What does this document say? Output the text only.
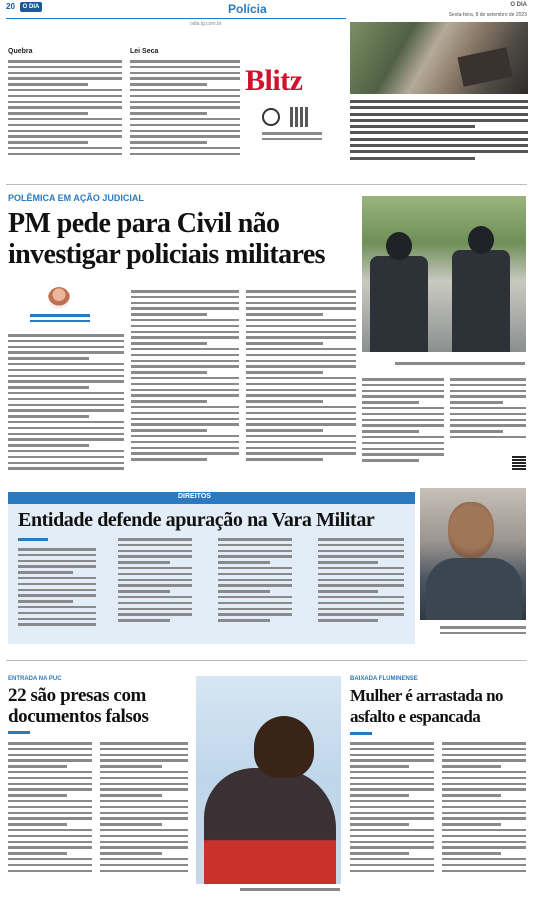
20	O DIA	Polícia
odia.ig.com.br
O DIA
Sexta-feira, 8 de setembro de 2023
Quebra	Lei Seca
Blitz
POLÊMICA EM AÇÃO JUDICIAL
PM pede para Civil não investigar policiais militares
DIREITOS
Entidade defende apuração na Vara Militar
ENTRADA NA PUC
22 são presas com documentos falsos
BAIXADA FLUMINENSE
Mulher é arrastada no asfalto e espancada
